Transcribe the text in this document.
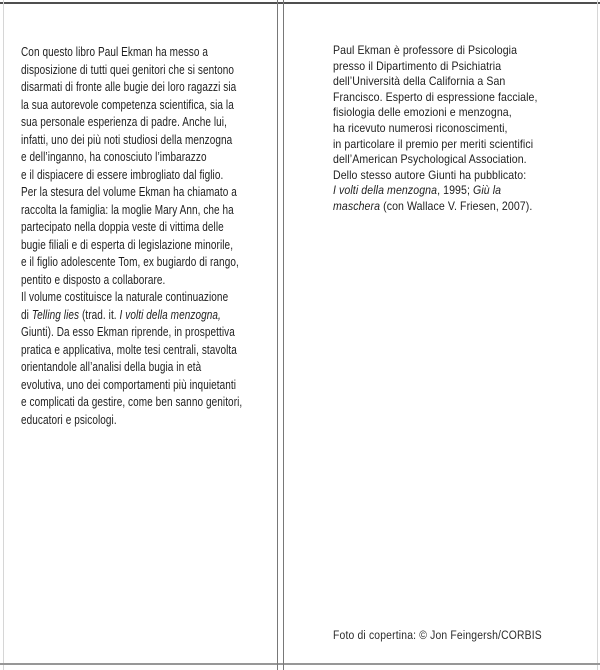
Con questo libro Paul Ekman ha messo a
disposizione di tutti quei genitori che si sentono
disarmati di fronte alle bugie dei loro ragazzi sia
la sua autorevole competenza scientifica, sia la
sua personale esperienza di padre. Anche lui,
infatti, uno dei più noti studiosi della menzogna
e dell’inganno, ha conosciuto l’imbarazzo
e il dispiacere di essere imbrogliato dal figlio.
Per la stesura del volume Ekman ha chiamato a
raccolta la famiglia: la moglie Mary Ann, che ha
partecipato nella doppia veste di vittima delle
bugie filiali e di esperta di legislazione minorile,
e il figlio adolescente Tom, ex bugiardo di rango,
pentito e disposto a collaborare.
Il volume costituisce la naturale continuazione
di Telling lies (trad. it. I volti della menzogna,
Giunti). Da esso Ekman riprende, in prospettiva
pratica e applicativa, molte tesi centrali, stavolta
orientandole all’analisi della bugia in età
evolutiva, uno dei comportamenti più inquietanti
e complicati da gestire, come ben sanno genitori,
educatori e psicologi.
Paul Ekman è professore di Psicologia
presso il Dipartimento di Psichiatria
dell’Università della California a San
Francisco. Esperto di espressione facciale,
fisiologia delle emozioni e menzogna,
ha ricevuto numerosi riconoscimenti,
in particolare il premio per meriti scientifici
dell’American Psychological Association.
Dello stesso autore Giunti ha pubblicato:
I volti della menzogna, 1995; Giù la
maschera (con Wallace V. Friesen, 2007).
Foto di copertina: © Jon Feingersh/CORBIS
